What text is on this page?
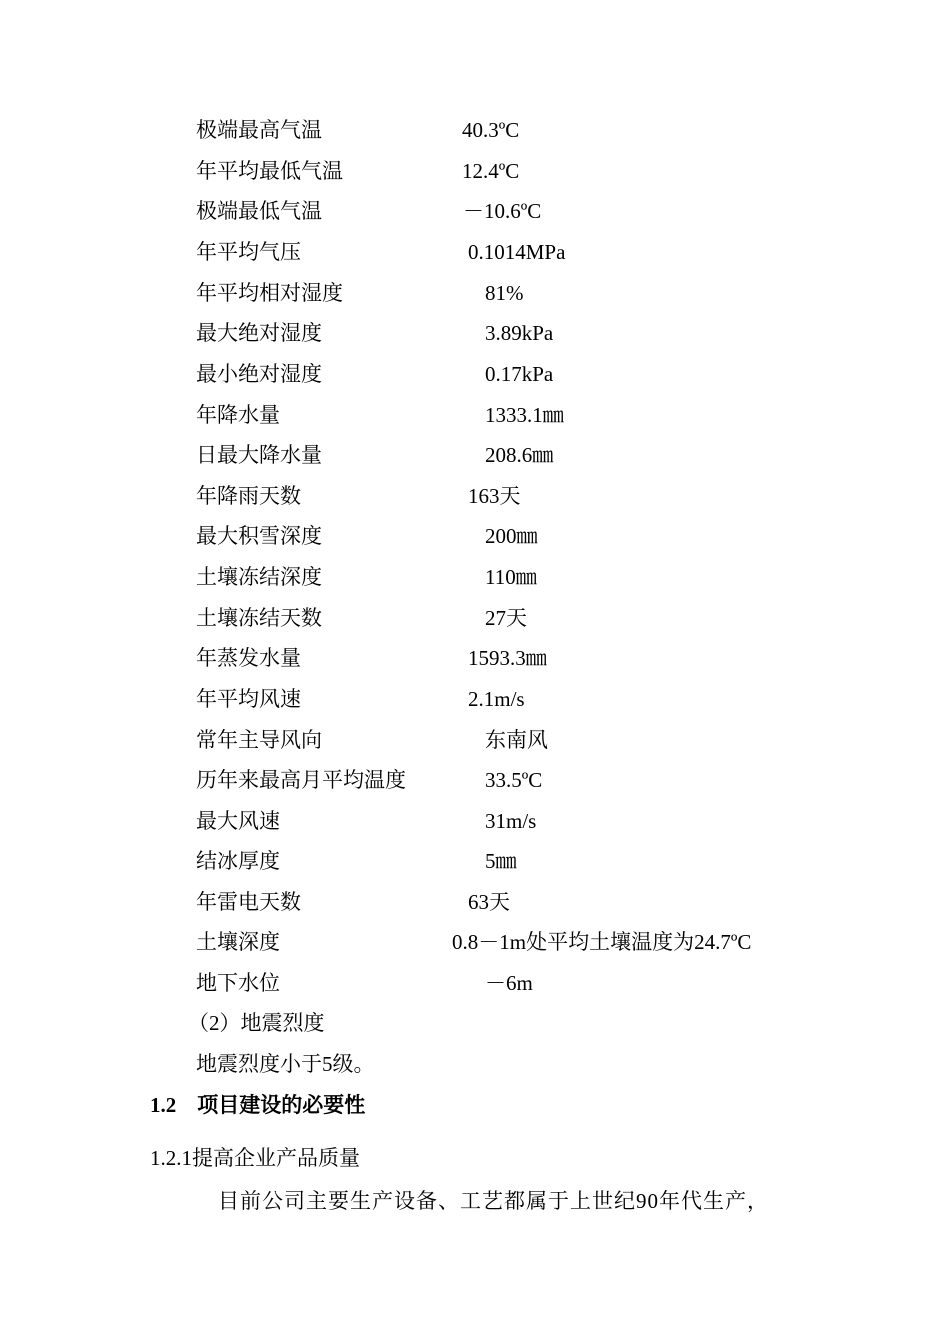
极端最高气温	40.3ºC
年平均最低气温	12.4ºC
极端最低气温	－10.6ºC
年平均气压	0.1014MPa
年平均相对湿度	81%
最大绝对湿度	3.89kPa
最小绝对湿度	0.17kPa
年降水量	1333.1㎜
日最大降水量	208.6㎜
年降雨天数	163天
最大积雪深度	200㎜
土壤冻结深度	110㎜
土壤冻结天数	27天
年蒸发水量	1593.3㎜
年平均风速	2.1m/s
常年主导风向	东南风
历年来最高月平均温度	33.5ºC
最大风速	31m/s
结冰厚度	5㎜
年雷电天数	63天
土壤深度	0.8－1m处平均土壤温度为24.7ºC
地下水位	－6m
（2）地震烈度
地震烈度小于5级。
1.2　项目建设的必要性
1.2.1提高企业产品质量
目前公司主要生产设备、工艺都属于上世纪90年代生产，
